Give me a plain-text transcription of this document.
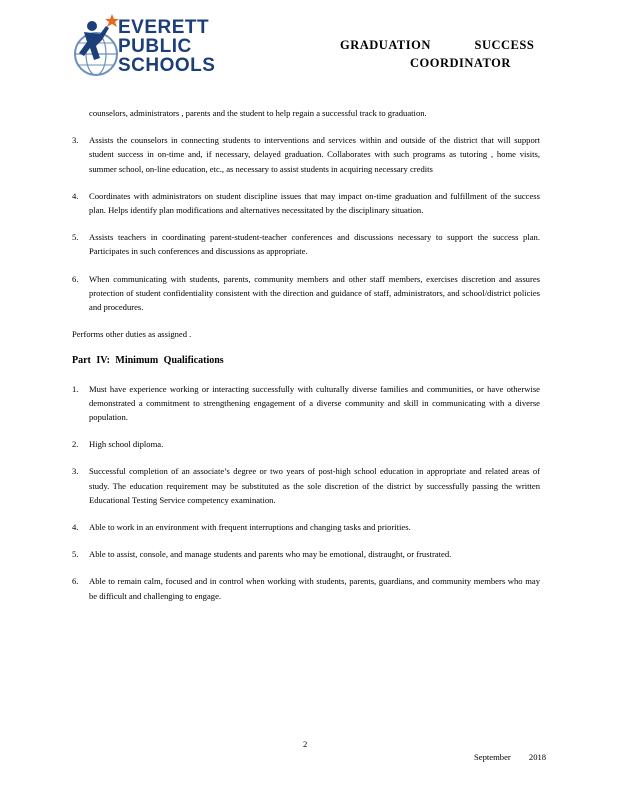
EVERETT
PUBLIC
SCHOOLS
GRADUATION SUCCESS
COORDINATOR
counselors, administrators , parents and the student to help regain a successful track to graduation.
3.	Assists the counselors in connecting students to interventions and services within and outside of the district that will support student success in on-time and, if necessary, delayed graduation. Collaborates with such programs as tutoring , home visits, summer school, on-line education, etc., as necessary to assist students in acquiring necessary credits
4.	Coordinates with administrators on student discipline issues that may impact on-time graduation and fulfillment of the success plan. Helps identify plan modifications and alternatives necessitated by the disciplinary situation.
5.	Assists teachers in coordinating parent-student-teacher conferences and discussions necessary to support the success plan. Participates in such conferences and discussions as appropriate.
6.	When communicating with students, parents, community members and other staff members, exercises discretion and assures protection of student confidentiality consistent with the direction and guidance of staff, administrators, and school/district policies and procedures.
Performs other duties as assigned .
Part IV: Minimum Qualifications
1.	Must have experience working or interacting successfully with culturally diverse families and communities, or have otherwise demonstrated a commitment to strengthening engagement of a diverse community and skill in communicating with a diverse population.
2.	High school diploma.
3.	Successful completion of an associate’s degree or two years of post-high school education in appropriate and related areas of study. The education requirement may be substituted as the sole discretion of the district by successfully passing the written Educational Testing Service competency examination.
4.	Able to work in an environment with frequent interruptions and changing tasks and priorities.
5.	Able to assist, console, and manage students and parents who may be emotional, distraught, or frustrated.
6.	Able to remain calm, focused and in control when working with students, parents, guardians, and community members who may be difficult and challenging to engage.
2
September 2018
